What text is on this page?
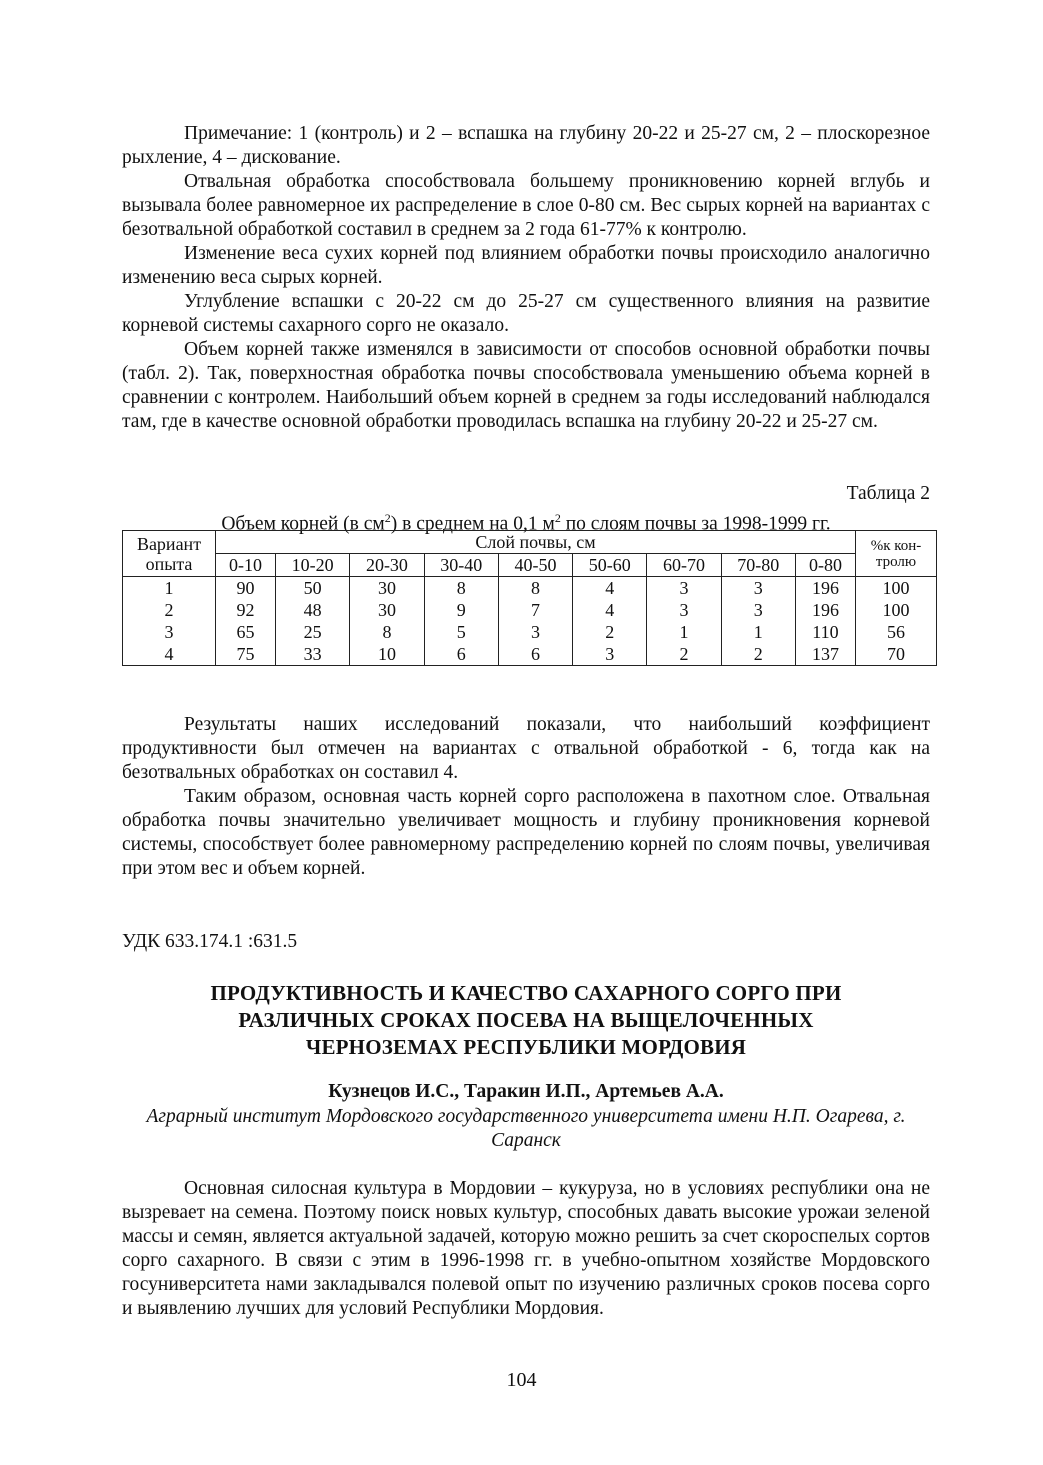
Примечание: 1 (контроль) и 2 – вспашка на глубину 20-22 и 25-27 см, 2 – плоскорезное рыхление, 4 – дискование.

Отвальная обработка способствовала большему проникновению корней вглубь и вызывала более равномерное их распределение в слое 0-80 см. Вес сырых корней на вариантах с безотвальной обработкой составил в среднем за 2 года 61-77% к контролю.

Изменение веса сухих корней под влиянием обработки почвы происходило аналогично изменению веса сырых корней.

Углубление вспашки с 20-22 см до 25-27 см существенного влияния на развитие корневой системы сахарного сорго не оказало.

Объем корней также изменялся в зависимости от способов основной обработки почвы (табл. 2). Так, поверхностная обработка почвы способствовала уменьшению объема корней в сравнении с контролем. Наибольший объем корней в среднем за годы исследований наблюдался там, где в качестве основной обработки проводилась вспашка на глубину 20-22 и 25-27 см.

Таблица 2
Объем корней (в $см^2$) в среднем на 0,1 $м^2$ по слоям почвы за 1998-1999 гг.
Вариант опыта	Слой почвы, см									%к кон-тролю
	0-10	10-20	20-30	30-40	40-50	50-60	60-70	70-80	0-80	
1	90	50	30	8	8	4	3	3	196	100
2	92	48	30	9	7	4	3	3	196	100
3	65	25	8	5	3	2	1	1	110	56
4	75	33	10	6	6	3	2	2	137	70

Результаты наших исследований показали, что наибольший коэффициент продуктивности был отмечен на вариантах с отвальной обработкой - 6, тогда как на безотвальных обработках он составил 4.

Таким образом, основная часть корней сорго расположена в пахотном слое. Отвальная обработка почвы значительно увеличивает мощность и глубину проникновения корневой системы, способствует более равномерному распределению корней по слоям почвы, увеличивая при этом вес и объем корней.

УДК 633.174.1 :631.5
ПРОДУКТИВНОСТЬ И КАЧЕСТВО САХАРНОГО СОРГО ПРИ
РАЗЛИЧНЫХ СРОКАХ ПОСЕВА НА ВЫЩЕЛОЧЕННЫХ
ЧЕРНОЗЕМАХ РЕСПУБЛИКИ МОРДОВИЯ
Кузнецов И.С., Таракин И.П., Артемьев А.А.
Аграрный институт Мордовского государственного университета имени Н.П. Огарева, г. Саранск

Основная силосная культура в Мордовии – кукуруза, но в условиях республики она не вызревает на семена. Поэтому поиск новых культур, способных давать высокие урожаи зеленой массы и семян, является актуальной задачей, которую можно решить за счет скороспелых сортов сорго сахарного. В связи с этим в 1996-1998 гг. в учебно-опытном хозяйстве Мордовского госуниверситета нами закладывался полевой опыт по изучению различных сроков посева сорго и выявлению лучших для условий Республики Мордовия.

104
